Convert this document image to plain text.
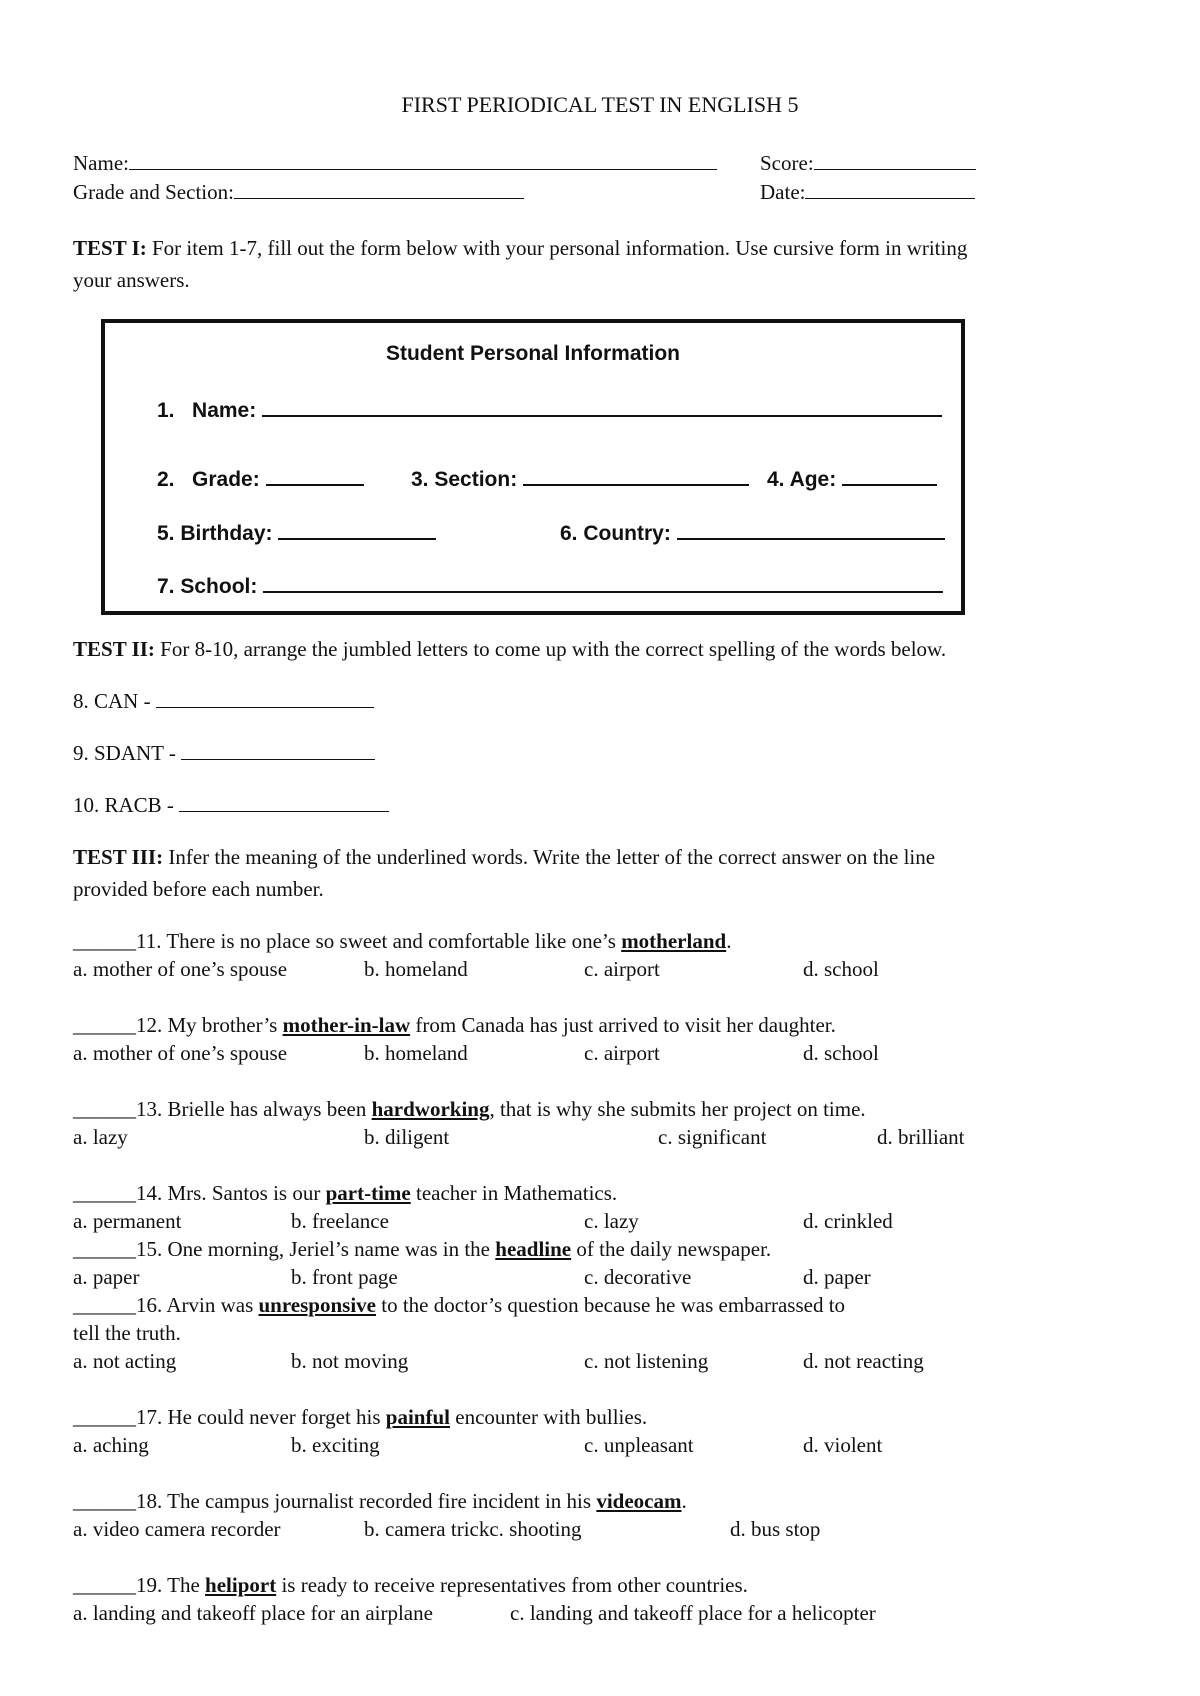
FIRST PERIODICAL TEST IN ENGLISH 5
Name:	Score:
Grade and Section:	Date:
TEST I: For item 1-7, fill out the form below with your personal information. Use cursive form in writing
your answers.
Student Personal Information
1. Name:
2. Grade:	3. Section:	4. Age:
5. Birthday:	6. Country:
7. School:
TEST II: For 8-10, arrange the jumbled letters to come up with the correct spelling of the words below.
8. CAN -
9. SDANT -
10. RACB -
TEST III: Infer the meaning of the underlined words. Write the letter of the correct answer on the line
provided before each number.
______11. There is no place so sweet and comfortable like one’s motherland.
a. mother of one’s spouse	b. homeland	c. airport	d. school
______12. My brother’s mother-in-law from Canada has just arrived to visit her daughter.
a. mother of one’s spouse	b. homeland	c. airport	d. school
______13. Brielle has always been hardworking, that is why she submits her project on time.
a. lazy	b. diligent	c. significant	d. brilliant
______14. Mrs. Santos is our part-time teacher in Mathematics.
a. permanent	b. freelance	c. lazy	d. crinkled
______15. One morning, Jeriel’s name was in the headline of the daily newspaper.
a. paper	b. front page	c. decorative	d. paper
______16. Arvin was unresponsive to the doctor’s question because he was embarrassed to
tell the truth.
a. not acting	b. not moving	c. not listening	d. not reacting
______17. He could never forget his painful encounter with bullies.
a. aching	b. exciting	c. unpleasant	d. violent
______18. The campus journalist recorded fire incident in his videocam.
a. video camera recorder	b. camera trickc. shooting	d. bus stop
______19. The heliport is ready to receive representatives from other countries.
a. landing and takeoff place for an airplane	c. landing and takeoff place for a helicopter
